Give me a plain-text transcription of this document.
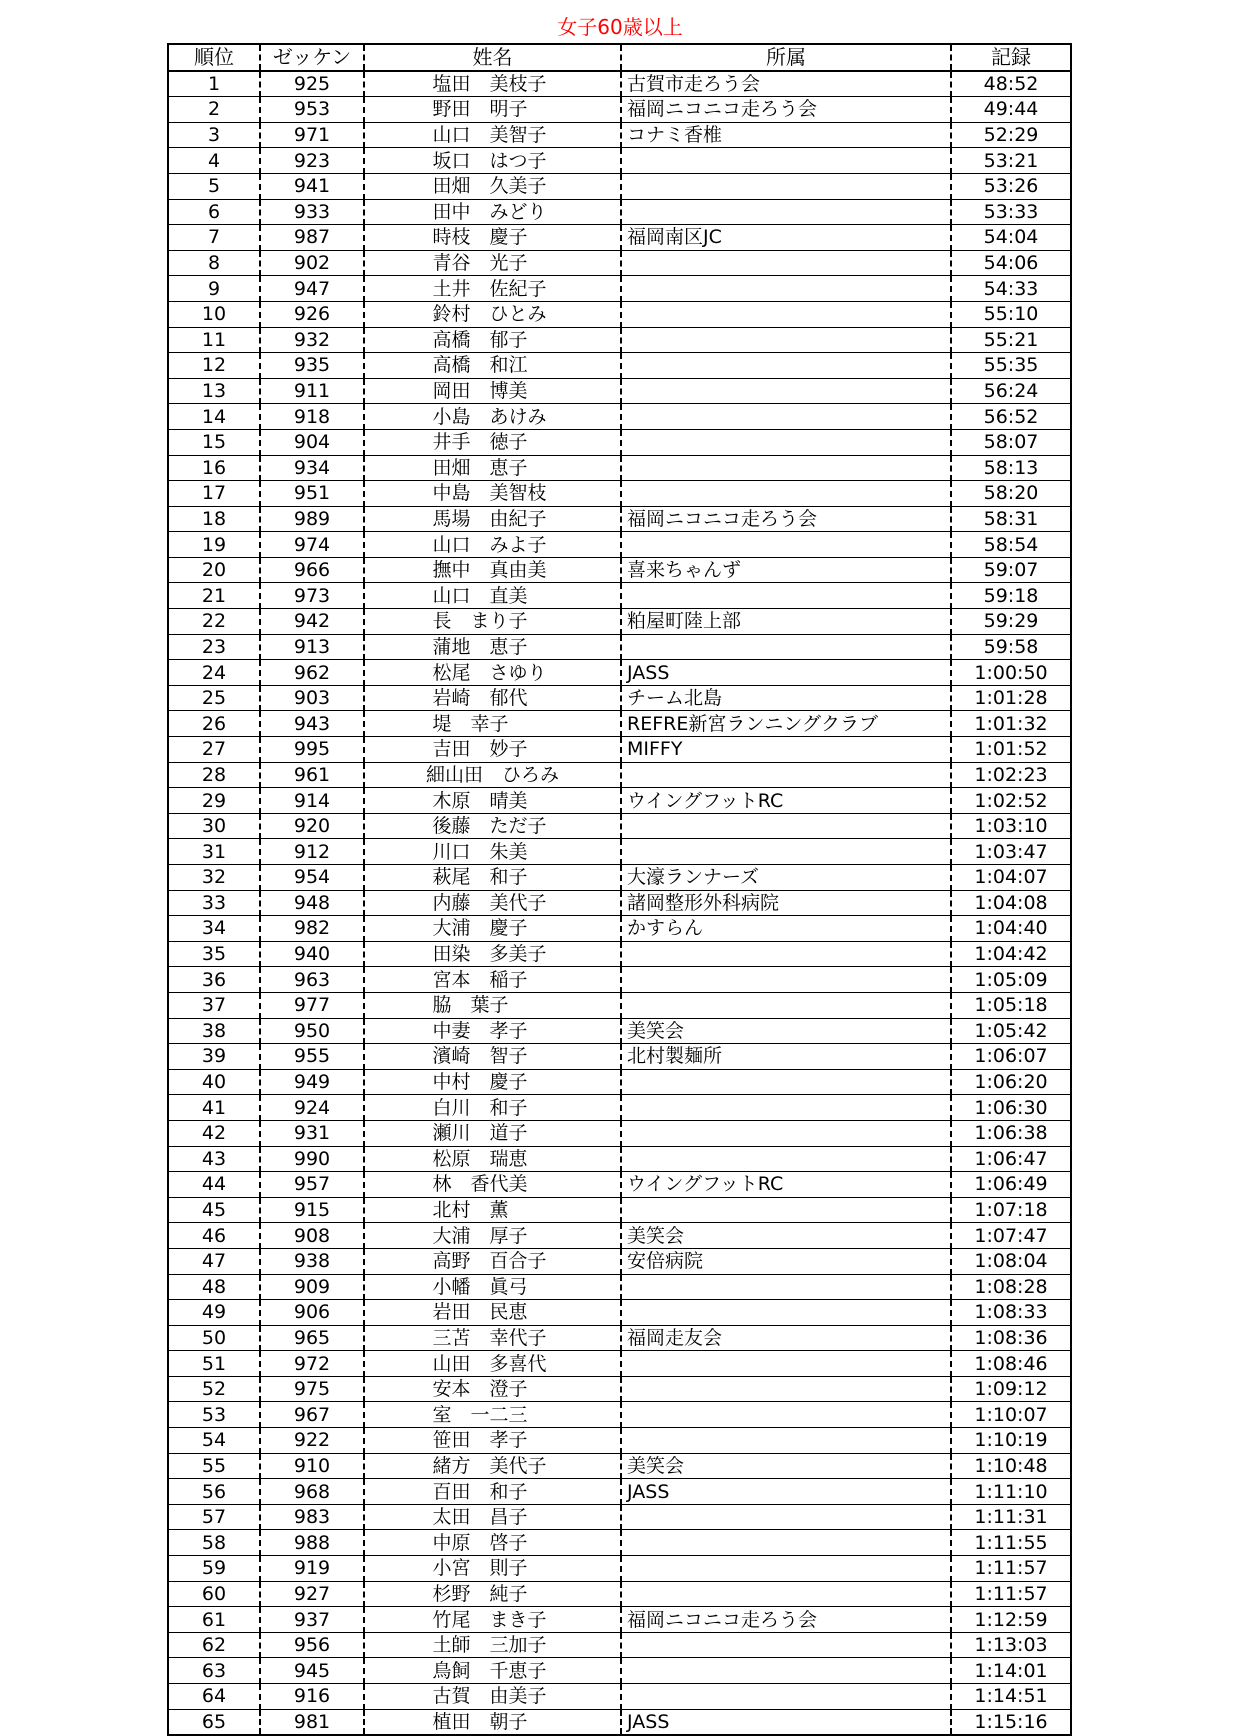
女子60歳以上
順位	ゼッケン	姓名	所属	記録
1	925	塩田　美枝子	古賀市走ろう会	48:52
2	953	野田　明子	福岡ニコニコ走ろう会	49:44
3	971	山口　美智子	コナミ香椎	52:29
4	923	坂口　はつ子		53:21
5	941	田畑　久美子		53:26
6	933	田中　みどり		53:33
7	987	時枝　慶子	福岡南区JC	54:04
8	902	青谷　光子		54:06
9	947	土井　佐紀子		54:33
10	926	鈴村　ひとみ		55:10
11	932	高橋　郁子		55:21
12	935	高橋　和江		55:35
13	911	岡田　博美		56:24
14	918	小島　あけみ		56:52
15	904	井手　徳子		58:07
16	934	田畑　恵子		58:13
17	951	中島　美智枝		58:20
18	989	馬場　由紀子	福岡ニコニコ走ろう会	58:31
19	974	山口　みよ子		58:54
20	966	撫中　真由美	喜来ちゃんず	59:07
21	973	山口　直美		59:18
22	942	長　まり子	粕屋町陸上部	59:29
23	913	蒲地　恵子		59:58
24	962	松尾　さゆり	JASS	1:00:50
25	903	岩崎　郁代	チーム北島	1:01:28
26	943	堤　幸子	REFRE新宮ランニングクラブ	1:01:32
27	995	吉田　妙子	MIFFY	1:01:52
28	961	細山田　ひろみ		1:02:23
29	914	木原　晴美	ウイングフットRC	1:02:52
30	920	後藤　ただ子		1:03:10
31	912	川口　朱美		1:03:47
32	954	萩尾　和子	大濠ランナーズ	1:04:07
33	948	内藤　美代子	諸岡整形外科病院	1:04:08
34	982	大浦　慶子	かすらん	1:04:40
35	940	田染　多美子		1:04:42
36	963	宮本　稲子		1:05:09
37	977	脇　葉子		1:05:18
38	950	中妻　孝子	美笑会	1:05:42
39	955	濱崎　智子	北村製麺所	1:06:07
40	949	中村　慶子		1:06:20
41	924	白川　和子		1:06:30
42	931	瀬川　道子		1:06:38
43	990	松原　瑞恵		1:06:47
44	957	林　香代美	ウイングフットRC	1:06:49
45	915	北村　薫		1:07:18
46	908	大浦　厚子	美笑会	1:07:47
47	938	高野　百合子	安倍病院	1:08:04
48	909	小幡　眞弓		1:08:28
49	906	岩田　民恵		1:08:33
50	965	三苫　幸代子	福岡走友会	1:08:36
51	972	山田　多喜代		1:08:46
52	975	安本　澄子		1:09:12
53	967	室　一二三		1:10:07
54	922	笹田　孝子		1:10:19
55	910	緒方　美代子	美笑会	1:10:48
56	968	百田　和子	JASS	1:11:10
57	983	太田　昌子		1:11:31
58	988	中原　啓子		1:11:55
59	919	小宮　則子		1:11:57
60	927	杉野　純子		1:11:57
61	937	竹尾　まき子	福岡ニコニコ走ろう会	1:12:59
62	956	土師　三加子		1:13:03
63	945	鳥飼　千恵子		1:14:01
64	916	古賀　由美子		1:14:51
65	981	植田　朝子	JASS	1:15:16
